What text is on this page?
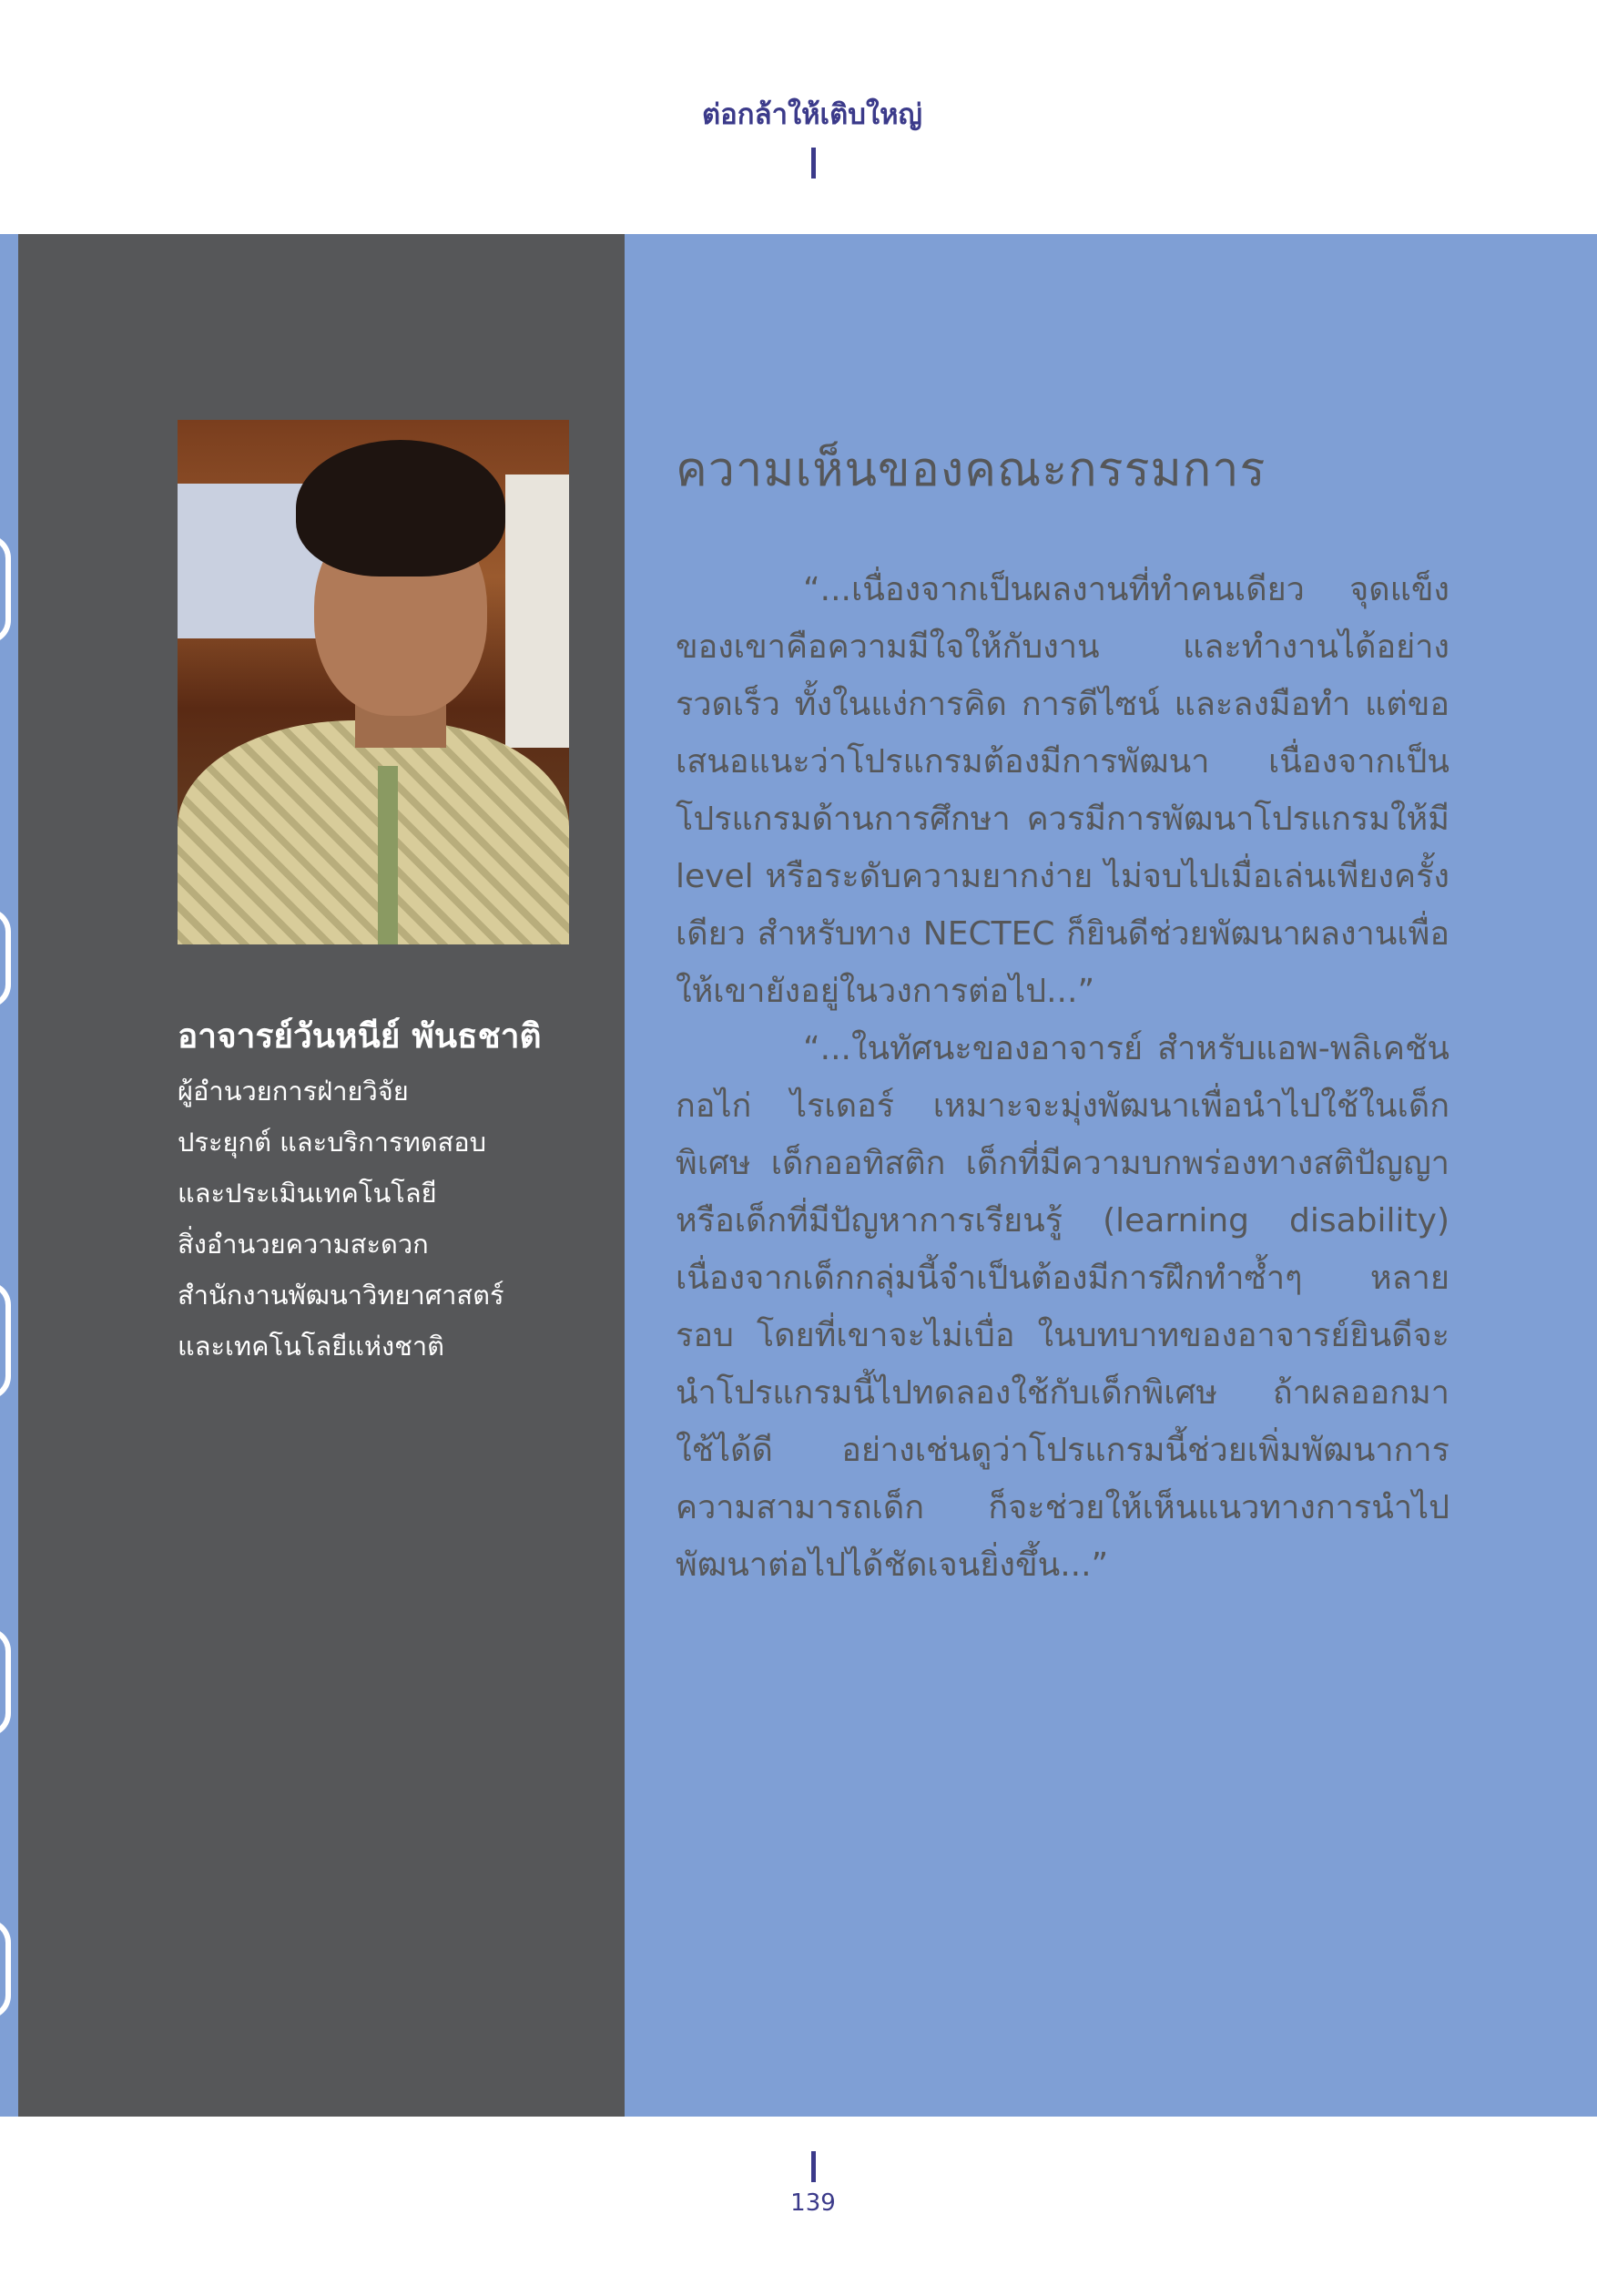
ต่อกล้าให้เติบใหญ่
อาจารย์วันหนีย์ พันธชาติ
ผู้อำนวยการฝ่ายวิจัย
ประยุกต์ และบริการทดสอบ
และประเมินเทคโนโลยี
สิ่งอำนวยความสะดวก
สำนักงานพัฒนาวิทยาศาสตร์
และเทคโนโลยีแห่งชาติ
ความเห็นของคณะกรรมการ

“...เนื่องจากเป็นผลงานที่ทำคนเดียว จุดแข็งของเขาคือความมีใจให้กับงาน และทำงานได้อย่างรวดเร็ว ทั้งในแง่การคิด การดีไซน์ และลงมือทำ แต่ขอเสนอแนะว่าโปรแกรมต้องมีการพัฒนา เนื่องจากเป็นโปรแกรมด้านการศึกษา ควรมีการพัฒนาโปรแกรมให้มี level หรือระดับความยากง่าย ไม่จบไปเมื่อเล่นเพียงครั้งเดียว สำหรับทาง NECTEC ก็ยินดีช่วยพัฒนาผลงานเพื่อให้เขายังอยู่ในวงการต่อไป...”

“...ในทัศนะของอาจารย์ สำหรับแอพ-พลิเคชัน กอไก่ ไรเดอร์ เหมาะจะมุ่งพัฒนาเพื่อนำไปใช้ในเด็กพิเศษ เด็กออทิสติก เด็กที่มีความบกพร่องทางสติปัญญา หรือเด็กที่มีปัญหาการเรียนรู้ (learning disability) เนื่องจากเด็กกลุ่มนี้จำเป็นต้องมีการฝึกทำซ้ำๆ หลายรอบ โดยที่เขาจะไม่เบื่อ ในบทบาทของอาจารย์ยินดีจะนำโปรแกรมนี้ไปทดลองใช้กับเด็กพิเศษ ถ้าผลออกมาใช้ได้ดี อย่างเช่นดูว่าโปรแกรมนี้ช่วยเพิ่มพัฒนาการความสามารถเด็ก ก็จะช่วยให้เห็นแนวทางการนำไปพัฒนาต่อไปได้ชัดเจนยิ่งขึ้น...”

139
